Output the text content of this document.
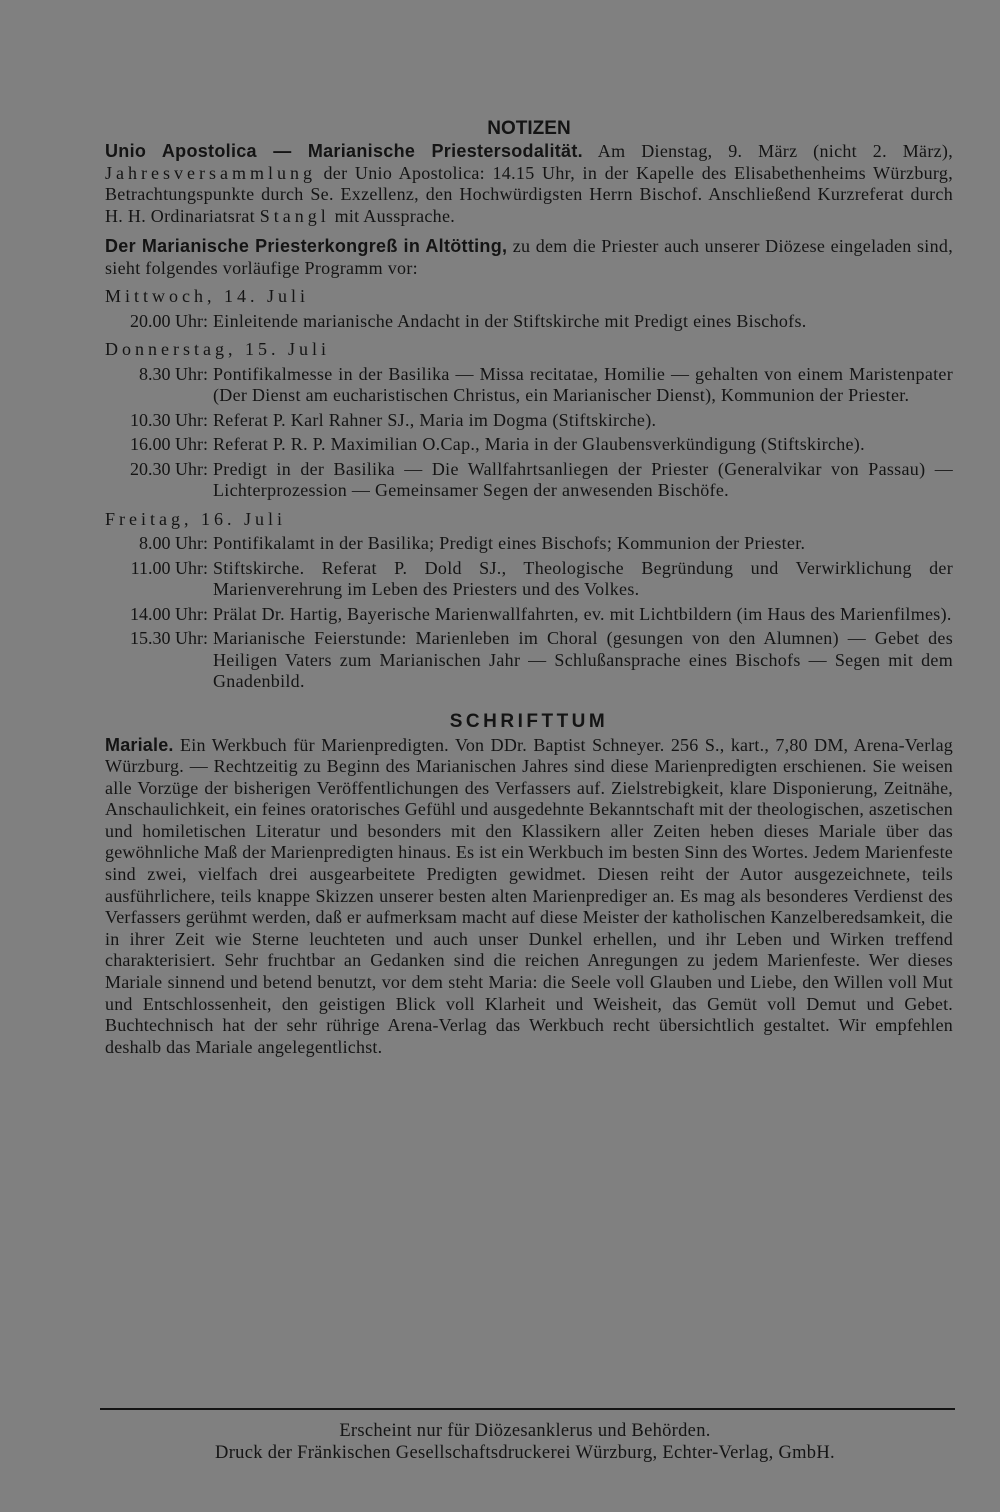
NOTIZEN

Unio Apostolica — Marianische Priestersodalität. Am Dienstag, 9. März (nicht 2. März), Jahresversammlung der Unio Apostolica: 14.15 Uhr, in der Kapelle des Elisabethenheims Würzburg, Betrachtungspunkte durch Se. Exzellenz, den Hochwürdigsten Herrn Bischof. Anschließend Kurzreferat durch H. H. Ordinariatsrat Stangl mit Aussprache.

Der Marianische Priesterkongreß in Altötting, zu dem die Priester auch unserer Diözese eingeladen sind, sieht folgendes vorläufige Programm vor:

Mittwoch, 14. Juli
20.00 Uhr: Einleitende marianische Andacht in der Stiftskirche mit Predigt eines Bischofs.
Donnerstag, 15. Juli
8.30 Uhr: Pontifikalmesse in der Basilika — Missa recitatae, Homilie — gehalten von einem Maristenpater (Der Dienst am eucharistischen Christus, ein Marianischer Dienst), Kommunion der Priester.
10.30 Uhr: Referat P. Karl Rahner SJ., Maria im Dogma (Stiftskirche).
16.00 Uhr: Referat P. R. P. Maximilian O.Cap., Maria in der Glaubensverkündigung (Stiftskirche).
20.30 Uhr: Predigt in der Basilika — Die Wallfahrtsanliegen der Priester (Generalvikar von Passau) — Lichterprozession — Gemeinsamer Segen der anwesenden Bischöfe.
Freitag, 16. Juli
8.00 Uhr: Pontifikalamt in der Basilika; Predigt eines Bischofs; Kommunion der Priester.
11.00 Uhr: Stiftskirche. Referat P. Dold SJ., Theologische Begründung und Verwirklichung der Marienverehrung im Leben des Priesters und des Volkes.
14.00 Uhr: Prälat Dr. Hartig, Bayerische Marienwallfahrten, ev. mit Lichtbildern (im Haus des Marienfilmes).
15.30 Uhr: Marianische Feierstunde: Marienleben im Choral (gesungen von den Alumnen) — Gebet des Heiligen Vaters zum Marianischen Jahr — Schlußansprache eines Bischofs — Segen mit dem Gnadenbild.
SCHRIFTTUM

Mariale. Ein Werkbuch für Marienpredigten. Von DDr. Baptist Schneyer. 256 S., kart., 7,80 DM, Arena-Verlag Würzburg. — Rechtzeitig zu Beginn des Marianischen Jahres sind diese Marienpredigten erschienen. Sie weisen alle Vorzüge der bisherigen Veröffentlichungen des Verfassers auf. Zielstrebigkeit, klare Disponierung, Zeitnähe, Anschaulichkeit, ein feines oratorisches Gefühl und ausgedehnte Bekanntschaft mit der theologischen, aszetischen und homiletischen Literatur und besonders mit den Klassikern aller Zeiten heben dieses Mariale über das gewöhnliche Maß der Marienpredigten hinaus. Es ist ein Werkbuch im besten Sinn des Wortes. Jedem Marienfeste sind zwei, vielfach drei ausgearbeitete Predigten gewidmet. Diesen reiht der Autor ausgezeichnete, teils ausführlichere, teils knappe Skizzen unserer besten alten Marienprediger an. Es mag als besonderes Verdienst des Verfassers gerühmt werden, daß er aufmerksam macht auf diese Meister der katholischen Kanzelberedsamkeit, die in ihrer Zeit wie Sterne leuchteten und auch unser Dunkel erhellen, und ihr Leben und Wirken treffend charakterisiert. Sehr fruchtbar an Gedanken sind die reichen Anregungen zu jedem Marienfeste. Wer dieses Mariale sinnend und betend benutzt, vor dem steht Maria: die Seele voll Glauben und Liebe, den Willen voll Mut und Entschlossenheit, den geistigen Blick voll Klarheit und Weisheit, das Gemüt voll Demut und Gebet. Buchtechnisch hat der sehr rührige Arena-Verlag das Werkbuch recht übersichtlich gestaltet. Wir empfehlen deshalb das Mariale angelegentlichst.

Erscheint nur für Diözesanklerus und Behörden.
Druck der Fränkischen Gesellschaftsdruckerei Würzburg, Echter-Verlag, GmbH.
